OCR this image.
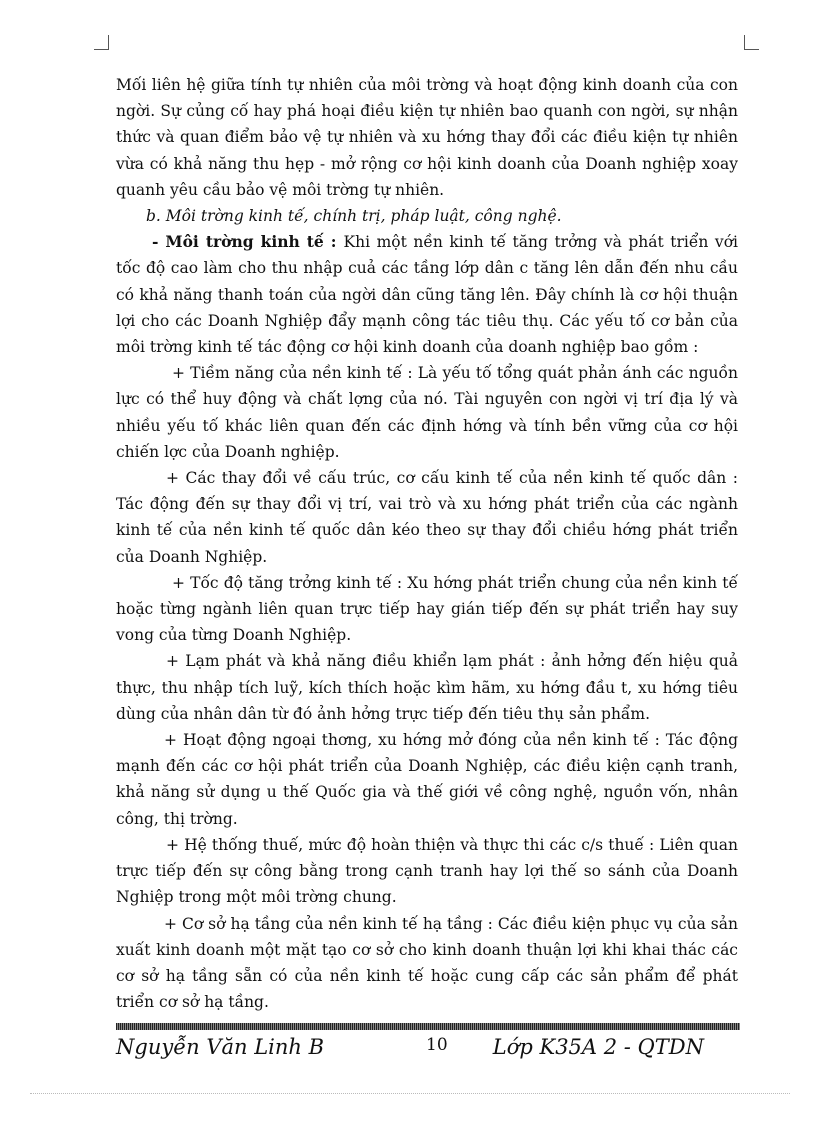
Mối liên hệ giữa tính tự nhiên của môi trờng và hoạt động kinh doanh của con ngời. Sự củng cố hay phá hoại điều kiện tự nhiên bao quanh con ngời, sự nhận thức và quan điểm bảo vệ tự nhiên và xu hớng thay đổi các điều kiện tự nhiên vừa có khả năng thu hẹp - mở rộng cơ hội kinh doanh của Doanh nghiệp xoay quanh yêu cầu bảo vệ môi trờng tự nhiên.

b. Môi trờng kinh tế, chính trị, pháp luật, công nghệ.

- Môi trờng kinh tế : Khi một nền kinh tế tăng trởng và phát triển với tốc độ cao làm cho thu nhập cuả các tầng lớp dân c tăng lên dẫn đến nhu cầu có khả năng thanh toán của ngời dân cũng tăng lên. Đây chính là cơ hội thuận lợi cho các Doanh Nghiệp đẩy mạnh công tác tiêu thụ. Các yếu tố cơ bản của môi trờng kinh tế tác động cơ hội kinh doanh của doanh nghiệp bao gồm :

+ Tiềm năng của nền kinh tế : Là yếu tố tổng quát phản ánh các nguồn lực có thể huy động và chất lợng của nó. Tài nguyên con ngời vị trí địa lý và nhiều yếu tố khác liên quan đến các định hớng và tính bền vững của cơ hội chiến lợc của Doanh nghiệp.

+ Các thay đổi về cấu trúc, cơ cấu kinh tế của nền kinh tế quốc dân : Tác động đến sự thay đổi vị trí, vai trò và xu hớng phát triển của các ngành kinh tế của nền kinh tế quốc dân kéo theo sự thay đổi chiều hớng phát triển của Doanh Nghiệp.

+ Tốc độ tăng trởng kinh tế : Xu hớng phát triển chung của nền kinh tế hoặc từng ngành liên quan trực tiếp hay gián tiếp đến sự phát triển hay suy vong của từng Doanh Nghiệp.

+ Lạm phát và khả năng điều khiển lạm phát : ảnh hởng đến hiệu quả thực, thu nhập tích luỹ, kích thích hoặc kìm hãm, xu hớng đầu t, xu hớng tiêu dùng của nhân dân từ đó ảnh hởng trực tiếp đến tiêu thụ sản phẩm.

+ Hoạt động ngoại thơng, xu hớng mở đóng của nền kinh tế : Tác động mạnh đến các cơ hội phát triển của Doanh Nghiệp, các điều kiện cạnh tranh, khả năng sử dụng u thế Quốc gia và thế giới về công nghệ, nguồn vốn, nhân công, thị trờng.

+ Hệ thống thuế, mức độ hoàn thiện và thực thi các c/s thuế : Liên quan trực tiếp đến sự công bằng trong cạnh tranh hay lợi thế so sánh của Doanh Nghiệp trong một môi trờng chung.

+ Cơ sở hạ tầng của nền kinh tế hạ tầng : Các điều kiện phục vụ của sản xuất kinh doanh một mặt tạo cơ sở cho kinh doanh thuận lợi khi khai thác các cơ sở hạ tầng sẵn có của nền kinh tế hoặc cung cấp các sản phẩm để phát triển cơ sở hạ tầng.

Nguyễn Văn Linh B	10 Lớp K35A 2 - QTDN
